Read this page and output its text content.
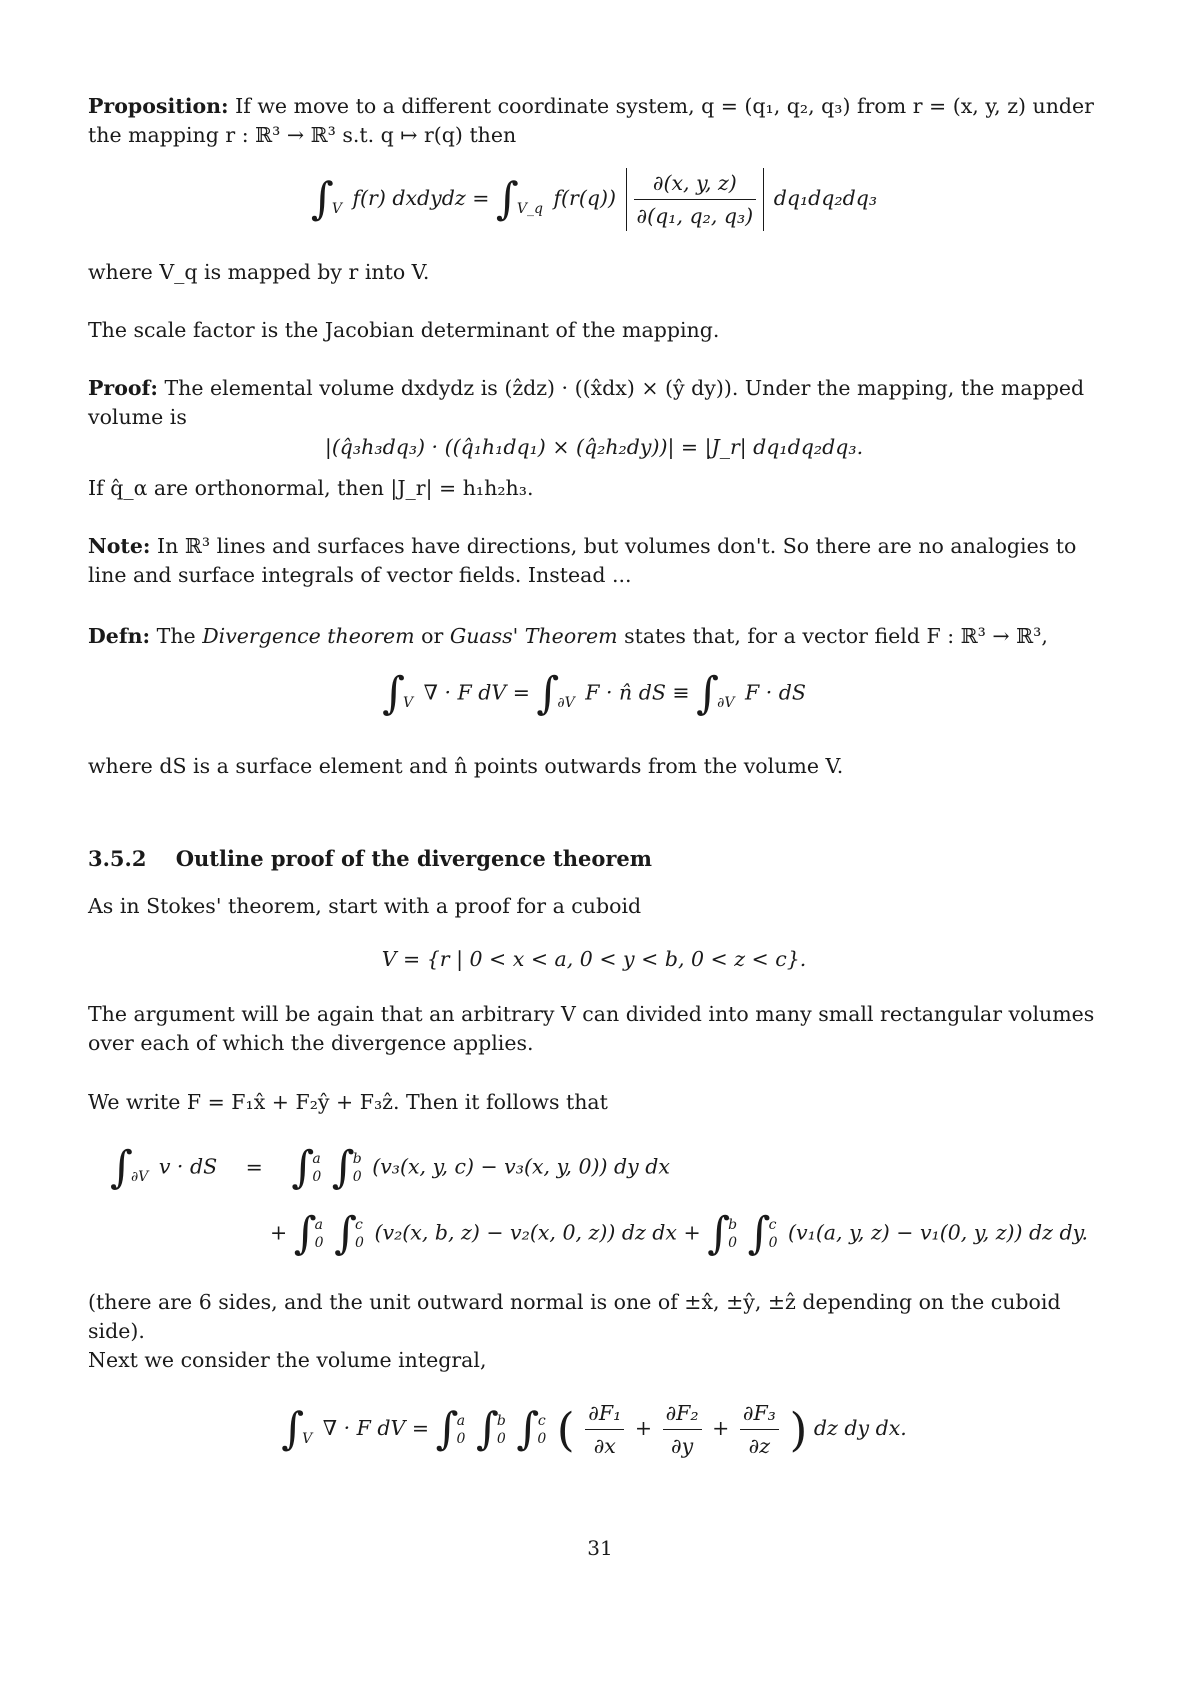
Proposition: If we move to a different coordinate system, q = (q₁, q₂, q₃) from r = (x, y, z) under the mapping r : ℝ³ → ℝ³ s.t. q ↦ r(q) then
∫

V f(r) dxdydz = ∫

V_q $f(r(q)) \frac{\partial(x, y, z)}{\text{∂(q₁, q₂, q₃)}} dq_1dq_2dq_3$
where V_q is mapped by r into V.
The scale factor is the Jacobian determinant of the mapping.
Proof: The elemental volume dxdydz is (ẑdz) · ((x̂dx) × (ŷ dy)). Under the mapping, the mapped volume is
|(q̂₃h₃dq₃) · ((q̂₁h₁dq₁) × (q̂₂h₂dy))| = |J_r| dq₁dq₂dq₃.
If q̂_α are orthonormal, then |J_r| = h₁h₂h₃.
Note: In ℝ³ lines and surfaces have directions, but volumes don't. So there are no analogies to line and surface integrals of vector fields. Instead ...
Defn: The Divergence theorem or Guass' Theorem states that, for a vector field F : ℝ³ → ℝ³,
∫

V ∇ · F dV = ∫

∂V F · n̂ dS ≡ ∫

∂V F · dS
where dS is a surface element and n̂ points outwards from the volume V.
3.5.2 Outline proof of the divergence theorem
As in Stokes' theorem, start with a proof for a cuboid
V = {r | 0 < x < a, 0 < y < b, 0 < z < c}.
The argument will be again that an arbitrary V can divided into many small rectangular volumes over each of which the divergence applies.
We write F = F₁x̂ + F₂ŷ + F₃ẑ. Then it follows that
∫

∂V v · dS = ∫
a
0 ∫
b
0 (v₃(x, y, c) − v₃(x, y, 0)) dy dx
+ ∫
a
0 ∫
c
0 (v₂(x, b, z) − v₂(x, 0, z)) dz dx + ∫
b
0 ∫
c
0 (v₁(a, y, z) − v₁(0, y, z)) dz dy.
(there are 6 sides, and the unit outward normal is one of ±x̂, ±ŷ, ±ẑ depending on the cuboid side).
Next we consider the volume integral,
∫

V ∇ · F dV = ∫
a
0 ∫
b
0 ∫
c
0 ( $\frac{\text{∂F₁}}{\partial x} + \frac{\text{∂F₂}}{\partial y} + \frac{\text{∂F₃}}{\partial z}$ ) dz dy dx.
31
